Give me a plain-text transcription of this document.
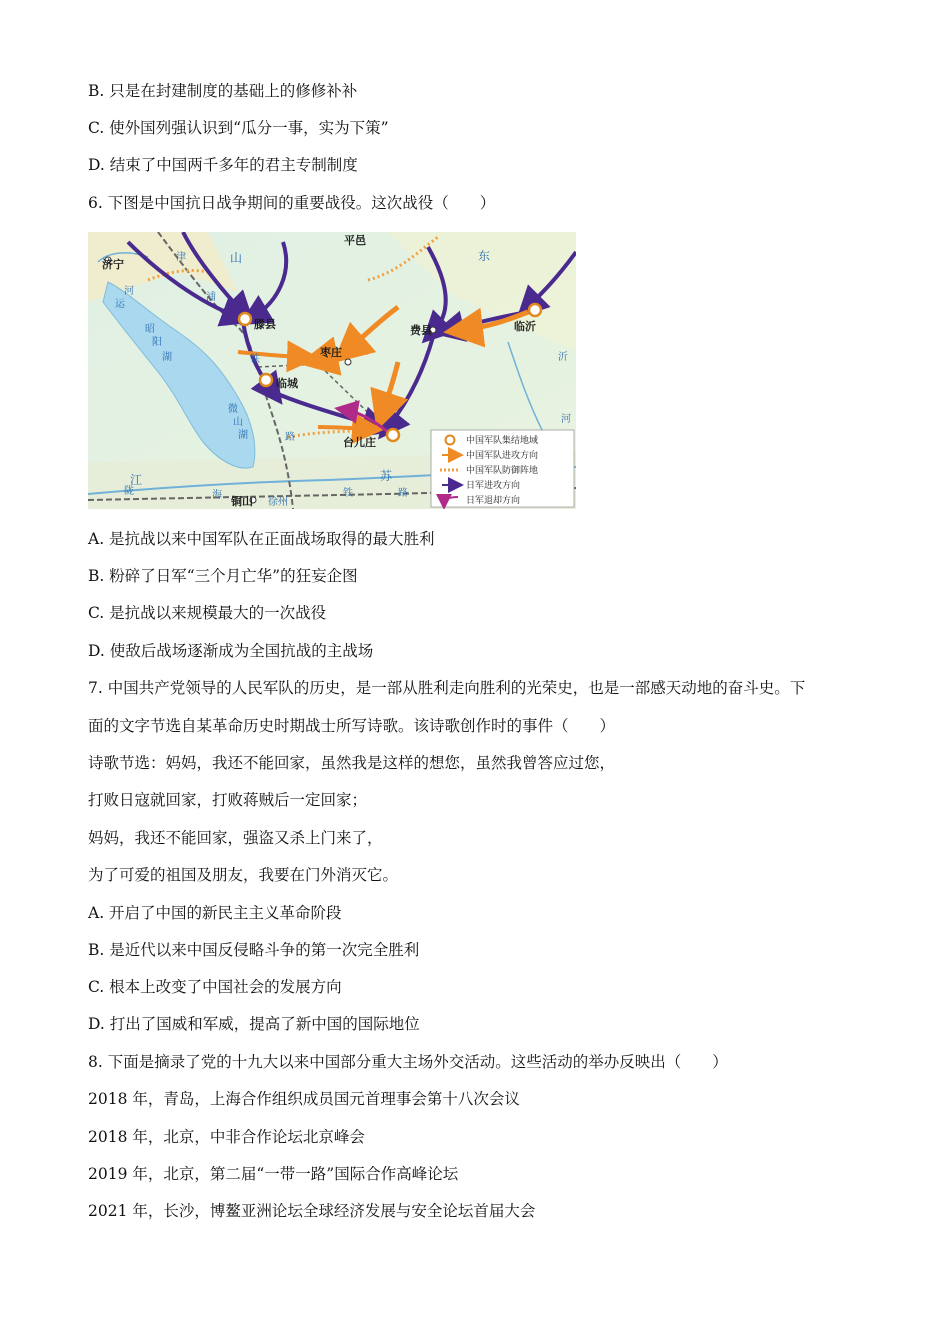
B. 只是在封建制度的基础上的修修补补
C. 使外国列强认识到“瓜分一事，实为下策”
D. 结束了中国两千多年的君主专制制度
6. 下图是中国抗日战争期间的重要战役。这次战役（　　）
济宁
平邑
滕县	临沂
费县
枣庄
临城
台儿庄
铜山 徐州
山	东
江	苏
运
河
昭
阳
湖
微
山
湖
沂
河
津
浦
铁
路
陇	海	铁	路
中国军队集结地域
中国军队进攻方向
中国军队防御阵地
日军进攻方向
日军退却方向
A. 是抗战以来中国军队在正面战场取得的最大胜利
B. 粉碎了日军“三个月亡华”的狂妄企图
C. 是抗战以来规模最大的一次战役
D. 使敌后战场逐渐成为全国抗战的主战场
7. 中国共产党领导的人民军队的历史，是一部从胜利走向胜利的光荣史，也是一部感天动地的奋斗史。下
面的文字节选自某革命历史时期战士所写诗歌。该诗歌创作时的事件（　　）
诗歌节选：妈妈，我还不能回家，虽然我是这样的想您，虽然我曾答应过您，
打败日寇就回家，打败蒋贼后一定回家；
妈妈，我还不能回家，强盗又杀上门来了，
为了可爱的祖国及朋友，我要在门外消灭它。
A. 开启了中国的新民主主义革命阶段
B. 是近代以来中国反侵略斗争的第一次完全胜利
C. 根本上改变了中国社会的发展方向
D. 打出了国威和军威，提高了新中国的国际地位
8. 下面是摘录了党的十九大以来中国部分重大主场外交活动。这些活动的举办反映出（　　）
2018 年，青岛，上海合作组织成员国元首理事会第十八次会议
2018 年，北京，中非合作论坛北京峰会
2019 年，北京，第二届“一带一路”国际合作高峰论坛
2021 年，长沙，博鳌亚洲论坛全球经济发展与安全论坛首届大会
